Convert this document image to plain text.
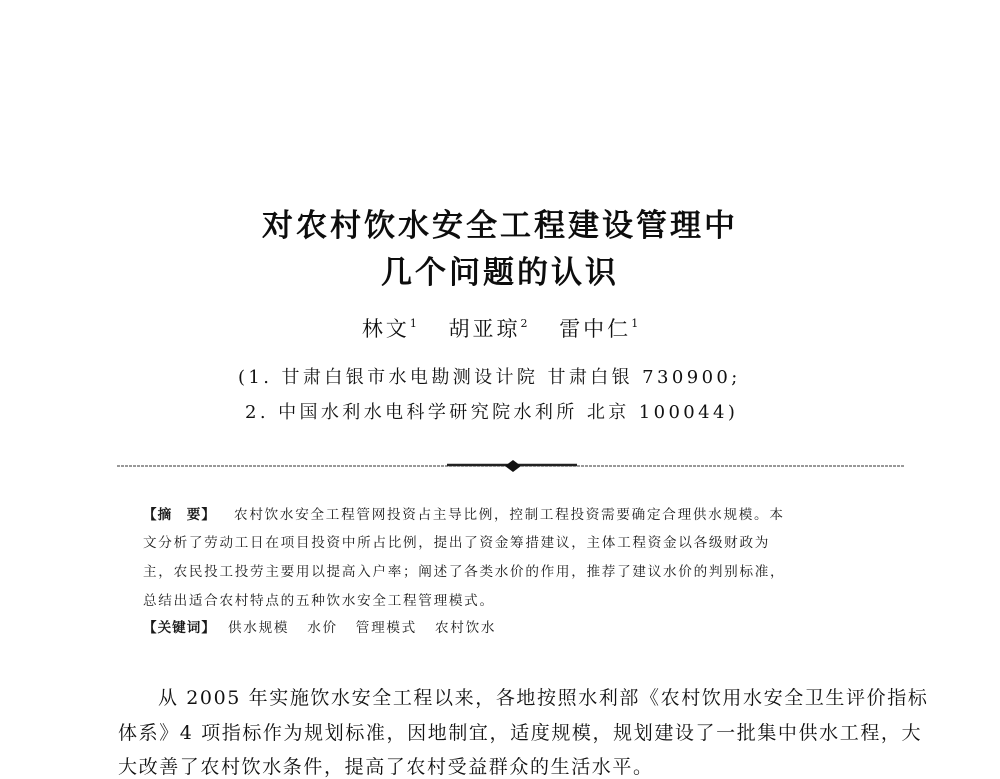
对农村饮水安全工程建设管理中
几个问题的认识
林文$^1$ 胡亚琼$^2$ 雷中仁$^1$
(1. 甘肃白银市水电勘测设计院 甘肃白银 730900;
2. 中国水利水电科学研究院水利所 北京 100044)
【摘　要】 农村饮水安全工程管网投资占主导比例，控制工程投资需要确定合理供水规模。本
文分析了劳动工日在项目投资中所占比例，提出了资金筹措建议，主体工程资金以各级财政为
主，农民投工投劳主要用以提高入户率；阐述了各类水价的作用，推荐了建议水价的判别标准，
总结出适合农村特点的五种饮水安全工程管理模式。
【关键词】 供水规模 水价 管理模式 农村饮水
从 2005 年实施饮水安全工程以来，各地按照水利部《农村饮用水安全卫生评价指标
体系》4 项指标作为规划标准，因地制宜，适度规模，规划建设了一批集中供水工程，大
大改善了农村饮水条件，提高了农村受益群众的生活水平。
